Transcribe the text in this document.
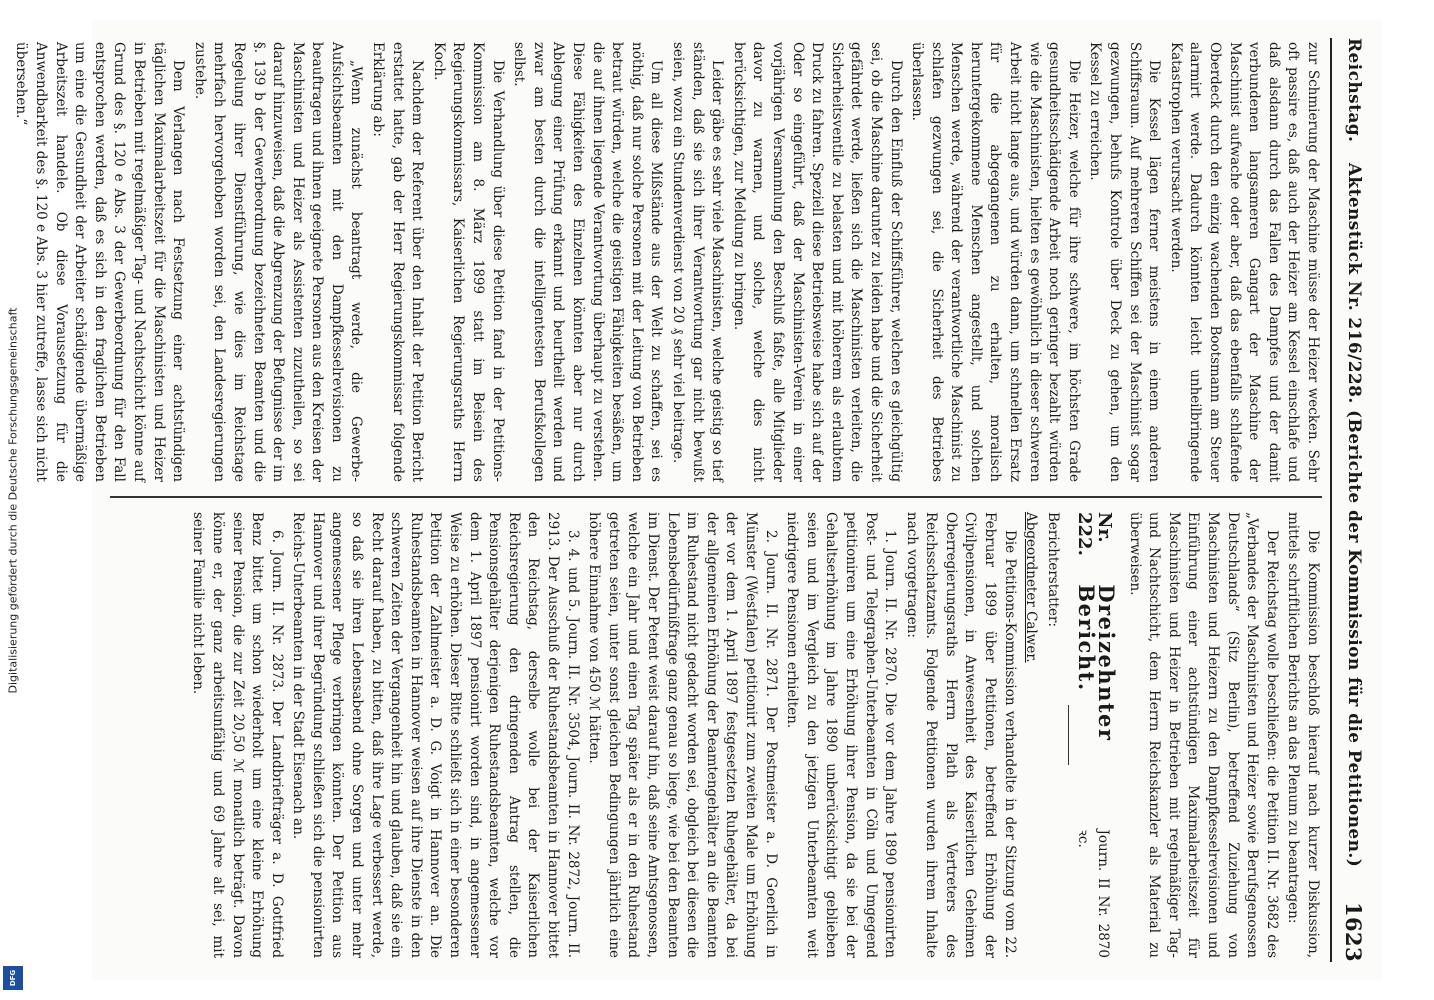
Reichstag.
Aktenstück Nr. 216/228. (Berichte der Kommission für die Petitionen.)
1623

zur Schmierung der Maschine müsse der Heizer wecken. Sehr oft passire es, daß auch der Heizer am Kessel einschlafe und daß alsdann durch das Fallen des Dampfes und der damit verbundenen langsameren Gangart der Maschine der Maschinist aufwache oder aber, daß das ebenfalls schlafende Oberdeck durch den einzig wachenden Bootsmann am Steuer alarmirt werde. Dadurch könnten leicht unheilbringende Katastrophen verursacht werden.

Die Kessel lägen ferner meistens in einem anderen Schiffsraum. Auf mehreren Schiffen sei der Maschinist sogar gezwungen, behufs Kontrole über Deck zu gehen, um den Kessel zu erreichen.

Die Heizer, welche für ihre schwere, im höchsten Grade gesundheitsschädigende Arbeit noch geringer bezahlt würden wie die Maschinisten, hielten es gewöhnlich in dieser schweren Arbeit nicht lange aus, und würden dann, um schnellen Ersatz für die abgegangenen zu erhalten, moralisch heruntergekommene Menschen angestellt, und solchen Menschen werde, während der verantwortliche Maschinist zu schlafen gezwungen sei, die Sicherheit des Betriebes überlassen.

Durch den Einfluß der Schiffsführer, welchen es gleichgültig sei, ob die Maschine darunter zu leiden habe und die Sicherheit gefährdet werde, ließen sich die Maschinisten verleiten, die Sicherheitsventile zu belasten und mit höherem als erlaubtem Druck zu fahren. Speziell diese Betriebsweise habe sich auf der Oder so eingeführt, daß der Maschinisten-Verein in einer vorjährigen Versammlung den Beschluß faßte, alle Mitglieder davor zu warnen, und solche, welche dies nicht berücksichtigen, zur Meldung zu bringen.

Leider gäbe es sehr viele Maschinisten, welche geistig so tief ständen, daß sie sich ihrer Verantwortung gar nicht bewußt seien, wozu ein Stundenverdienst von 20 ₰ sehr viel beitrage.

Um all diese Mißstände aus der Welt zu schaffen, sei es nöthig, daß nur solche Personen mit der Leitung von Betrieben betraut würden, welche die geistigen Fähigkeiten besäßen, um die auf ihnen liegende Verantwortung überhaupt zu verstehen. Diese Fähigkeiten des Einzelnen könnten aber nur durch Ablegung einer Prüfung erkannt und beurtheilt werden und zwar am besten durch die intelligentesten Berufskollegen selbst.

Die Verhandlung über diese Petition fand in der Petitions-Kommission am 8. März 1899 statt im Beisein des Regierungskommissars, Kaiserlichen Regierungsraths Herrn Koch.

Nachdem der Referent über den Inhalt der Petition Bericht erstattet hatte, gab der Herr Regierungskommissar folgende Erklärung ab:

„Wenn zunächst beantragt werde, die Gewerbe-Aufsichtsbeamten mit den Dampfkesselrevisionen zu beauftragen und ihnen geeignete Personen aus den Kreisen der Maschinisten und Heizer als Assistenten zuzutheilen, so sei darauf hinzuweisen, daß die Abgrenzung der Befugnisse der im §. 139 b der Gewerbeordnung bezeichneten Beamten und die Regelung ihrer Dienstführung, wie dies im Reichstage mehrfach hervorgehoben worden sei, den Landesregierungen zustehe.

Dem Verlangen nach Festsetzung einer achtstündigen täglichen Maximalarbeitszeit für die Maschinisten und Heizer in Betrieben mit regelmäßiger Tag- und Nachtschicht könne auf Grund des §. 120 e Abs. 3 der Gewerbeordnung für den Fall entsprochen werden, daß es sich in den fraglichen Betrieben um eine die Gesundheit der Arbeiter schädigende übermäßige Arbeitszeit handele. Ob diese Voraussetzung für die Anwendbarkeit des §. 120 e Abs. 3 hier zutreffe, lasse sich nicht übersehen.“

Die Kommission beschloß hierauf nach kurzer Diskussion, mittels schriftlichen Berichts an das Plenum zu beantragen:

Der Reichstag wolle beschließen: die Petition II. Nr. 3682 des „Verbandes der Maschinisten und Heizer sowie Berufsgenossen Deutschlands“ (Sitz Berlin), betreffend Zuziehung von Maschinisten und Heizern zu den Dampfkesselrevisionen und Einführung einer achtstündigen Maximalarbeitszeit für Maschinisten und Heizer in Betrieben mit regelmäßiger Tag- und Nachtschicht, dem Herrn Reichskanzler als Material zu überweisen.

Nr. 222.
Dreizehnter Bericht.
Journ. II Nr. 2870 ꝛc.

Berichterstatter:

Abgeordneter Calwer.

Die Petitions-Kommission verhandelte in der Sitzung vom 22. Februar 1899 über Petitionen, betreffend Erhöhung der Civilpensionen, in Anwesenheit des Kaiserlichen Geheimen Oberregierungsraths Herrn Plath als Vertreters des Reichsschatzamts. Folgende Petitionen wurden ihrem Inhalte nach vorgetragen:

1. Journ. II. Nr. 2870. Die vor dem Jahre 1890 pensionirten Post- und Telegraphen-Unterbeamten in Cöln und Umgegend petitioniren um eine Erhöhung ihrer Pension, da sie bei der Gehaltserhöhung im Jahre 1890 unberücksichtigt geblieben seien und im Vergleich zu den jetzigen Unterbeamten weit niedrigere Pensionen erhielten.

2. Journ. II. Nr. 2871. Der Postmeister a. D. Goerlich in Münster (Westfalen) petitionirt zum zweiten Male um Erhöhung der vor dem 1. April 1897 festgesetzten Ruhegehälter, da bei der allgemeinen Erhöhung der Beamtengehälter an die Beamten im Ruhestand nicht gedacht worden sei, obgleich bei diesen die Lebensbedürfnißfrage ganz genau so liege, wie bei den Beamten im Dienst. Der Petent weist darauf hin, daß seine Amtsgenossen, welche ein Jahr und einen Tag später als er in den Ruhestand getreten seien, unter sonst gleichen Bedingungen jährlich eine höhere Einnahme von 450 ℳ hätten.

3. 4. und 5. Journ. II. Nr. 3504, Journ. II. Nr. 2872, Journ. II. 2913. Der Ausschuß der Ruhestandsbeamten in Hannover bittet den Reichstag, derselbe wolle bei der Kaiserlichen Reichsregierung den dringenden Antrag stellen, die Pensionsgehälter derjenigen Ruhestandsbeamten, welche vor dem 1. April 1897 pensionirt worden sind, in angemessener Weise zu erhöhen. Dieser Bitte schließt sich in einer besonderen Petition der Zahlmeister a. D. G. Voigt in Hannover an. Die Ruhestandsbeamten in Hannover weisen auf ihre Dienste in den schweren Zeiten der Vergangenheit hin und glauben, daß sie ein Recht darauf haben, zu bitten, daß ihre Lage verbessert werde, so daß sie ihren Lebensabend ohne Sorgen und unter mehr angemessener Pflege verbringen könnten. Der Petition aus Hannover und ihrer Begründung schließen sich die pensionirten Reichs-Unterbeamten in der Stadt Eisenach an.

6. Journ. II. Nr. 2873. Der Landbriefträger a. D. Gottfried Benz bittet um schon wiederholt um eine kleine Erhöhung seiner Pension, die zur Zeit 20,50 ℳ monatlich beträgt. Davon könne er, der ganz arbeitsunfähig und 69 Jahre alt sei, mit seiner Familie nicht leben.

Digitalisierung gefördert durch die Deutsche Forschungsgemeinschaft
DFG
